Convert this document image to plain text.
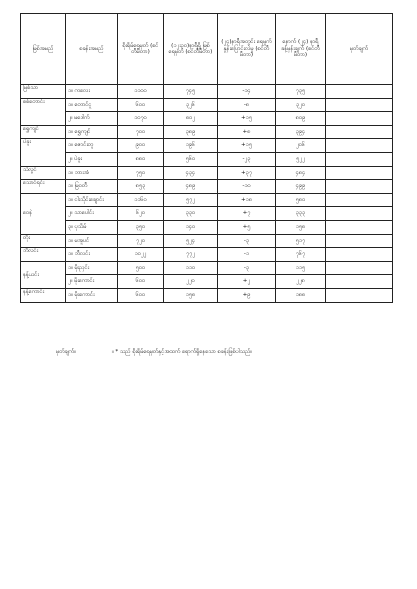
မြစ်အမည်	စခန်းအမည်	စိုးရိမ်ရေမှတ် (စင်တီမီတာ)	(၁၂း၃၀)နာရီရှိ မြစ်ရေမှတ် (စင်တီမီတာ)	(၂၄)နာရီအတွင်း ရေမှုက်နှုန်းပြောင်းလဲမှု (စင်တီမီတာ)	နောက် (၂၄) နာရီ ခန့်မှန်းချက် (စင်တီမီတာ)	မှတ်ချက်
မြစ်သာ	၁။ ကလေး	၁၁၀၀	၇၄၅	-၁၄	၇၃၅	
စစ်တောင်း	၁။ တောင်ငူ	၆၀၀	၃၂၆	-၈	၃၂၀	
	၂။ မဒေါက်	၁၀၇၀	၈၀၂	+၁၅	၈၀၉	
ရွှေကျင်	၁။ ရွှေကျင်	၇၀၀	၃၈၉	+၈	၃၉၄	
ပဲခူး	၁။ ဇောင်းတူ	၉၀၀	၁၉၆	+၁၅	၂၀၆	
	၂။ ပဲခူး	၈၈၀	၅၆၀	-၂၃	၅၂၂	
သံလွင်	၁။ ဘားအံ	၇၅၀	၄၃၄	+၃၇	၄၈၄	
သောင်ရင်း	၁။ မြဝတီ	၈၅၃	၄၈၉	-၁၀	၄၉၉	
ဝေနဲ	၁။ ငါးသိုင်းချောင်း	၁၁၆၀	၅၇၂	+၁၈	၅၈၀	
	၂။ သာပေါင်း	၆၂၀	၃၃၀	+၇	၃၃၃	
	၃။ ပုသိမ်	၃၅၀	၁၄၀	+၅	၁၅၈	
တိုး	၁။ မအူပင်	၇၂၀	၅၂၄	-၃	၅၁၇	
ဘီလင်း	၁။ ဘီလင်း	၁၀၂၂	၇၇၂	-၁	၇၆၇	
နန့်ယင်း	၁။ မိုးညှင်း	၅၀၀	၁၁၀	-၃	၁၁၅	
	၂။ မိုးကောင်း	၆၀၀	၂၂၀	+၂	၂၂၈	
နန့်ကောင်း	၁။ မိုးကောင်း	၆၀၀	၁၅၈	+၉	၁၈၈	
မှတ်ချက်။	။ * သည် စိုးရိမ်ရေမှတ်နှင့်အထက် ရောက်ရှိနေသော စခန်းဖြစ်ပါသည်။
